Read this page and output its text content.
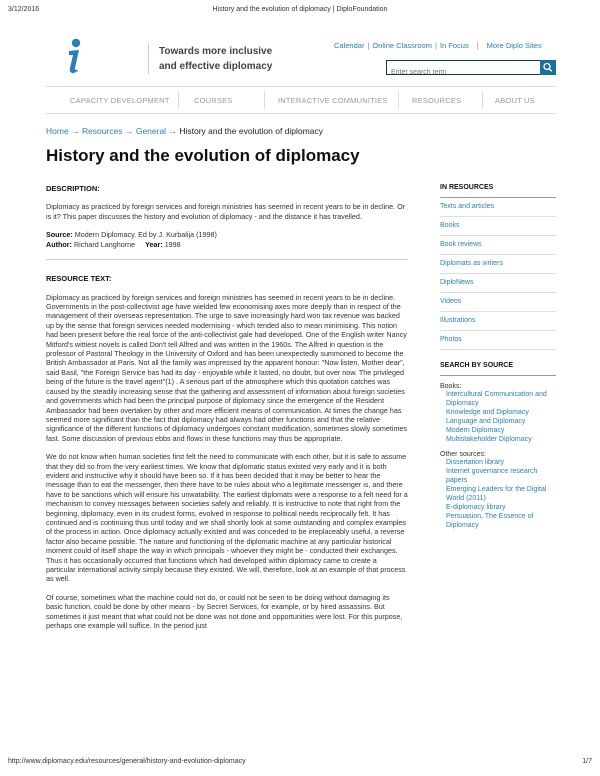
3/12/2016	History and the evolution of diplomacy | DiploFoundation
Towards more inclusive
and effective diplomacy
Calendar | Online Classroom | In Focus | More Diplo Sites
Enter search term
CAPACITY DEVELOPMENT	COURSES	INTERACTIVE COMMUNITIES	RESOURCES	ABOUT US
Home → Resources → General → History and the evolution of diplomacy
History and the evolution of diplomacy
DESCRIPTION:

Diplomacy as practiced by foreign services and foreign ministries has seemed in recent years to be in decline. Or is it? This paper discusses the history and evolution of diplomacy - and the distance it has travelled.

Source: Modern Diplomacy. Ed by J. Kurbalija (1998)
Author: Richard Langhorne Year: 1998
RESOURCE TEXT:

Diplomacy as practiced by foreign services and foreign ministries has seemed in recent years to be in decline. Governments in the post-collectivist age have wielded few economising axes more deeply than in respect of the management of their overseas representation. The urge to save increasingly hard won tax revenue was backed up by the sense that foreign services needed modernising - which tended also to mean minimising. This notion had been present before the real force of the anti-collectivist gale had developed. One of the English writer Nancy Mitford's wittiest novels is called Don't tell Alfred and was written in the 1960s. The Alfred in question is the professor of Pastoral Theology in the University of Oxford and has been unexpectedly summoned to become the British Ambassador at Paris. Not all the family was impressed by the apparent honour: "Now listen, Mother dear", said Basil, "the Foreign Service has had its day - enjoyable while it lasted, no doubt, but over now. The privileged being of the future is the travel agent"(1) . A serious part of the atmosphere which this quotation catches was caused by the steadily increasing sense that the gathering and assessment of information about foreign societies and governments which had been the principal purpose of diplomacy since the emergence of the Resident Ambassador had been overtaken by other and more efficient means of communication. At times the change has seemed more significant than the fact that diplomacy had always had other functions and that the relative significance of the different functions of diplomacy undergoes constant modification, sometimes slowly sometimes fast. Some discussion of previous ebbs and flows in these functions may thus be appropriate.

We do not know when human societies first felt the need to communicate with each other, but it is safe to assume that they did so from the very earliest times. We know that diplomatic status existed very early and it is both evident and instructive why it should have been so. If it has been decided that it may be better to hear the message than to eat the messenger, then there have to be rules about who a legitimate messenger is, and there have to be sanctions which will ensure his unwatability. The earliest diplomats were a response to a felt need for a mechanism to convey messages between societies safely and reliably. It is instructive to note that right from the beginning, diplomacy, even in its crudest forms, evolved in response to political needs reciprocally felt. It has continued and is continuing thus until today and we shall shortly look at some outstanding and complex examples of the process in action. Once diplomacy actually existed and was conceded to be irreplaceably useful, a reverse factor also became possible. The nature and functioning of the diplomatic machine at any particular historical moment could of itself shape the way in which principals - whoever they might be - conducted their exchanges. Thus it has occasionally occurred that functions which had developed within diplomacy came to create a particular international activity simply because they existed. We will, therefore, look at an example of that process as well.

Of course, sometimes what the machine could not do, or could not be seen to be doing without damaging its basic function, could be done by other means - by Secret Services, for example, or by hired assassins. But sometimes it just meant that what could not be done was not done and opportunities were lost. For this purpose, perhaps one example will suffice. In the period just

IN RESOURCES
Texts and articles
Books
Book reviews
Diplomats as writers
DiploNews
Videos
Illustrations
Photos
SEARCH BY SOURCE
Books:
Intercultural Communication and Diplomacy
Knowledge and Diplomacy
Language and Diplomacy
Modern Diplomacy
Multistakeholder Diplomacy
Other sources:
Dissertation library
Internet governance research papers
Emerging Leaders for the Digital World (2011)
E-diplomacy library
Persuasion, The Essence of Diplomacy
http://www.diplomacy.edu/resources/general/history-and-evolution-diplomacy	1/7
